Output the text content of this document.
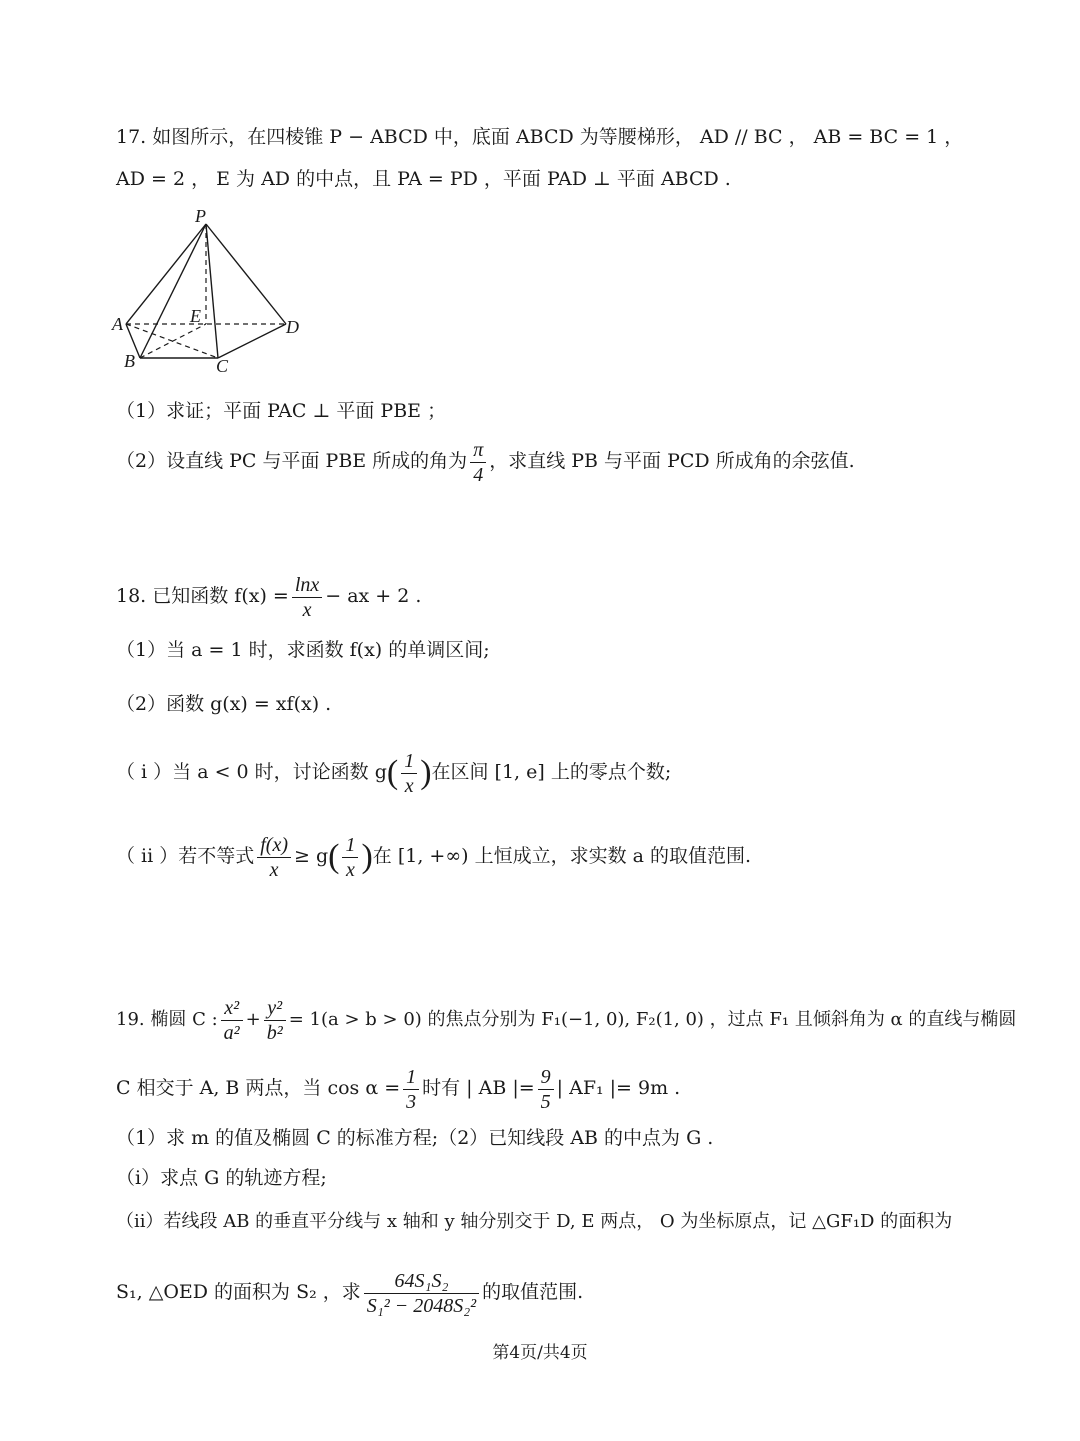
17. 如图所示，在四棱锥 P − ABCD 中，底面 ABCD 为等腰梯形， AD // BC ， AB = BC = 1 ，
AD = 2 ， E 为 AD 的中点，且 PA = PD ，平面 PAD ⊥ 平面 ABCD .
P
A	E
D
B	C
（1）求证；平面 PAC ⊥ 平面 PBE ；
（2）设直线 PC 与平面 PBE 所成的角为 $\frac{\pi}{4}$ ，求直线 PB 与平面 PCD 所成角的余弦值.
18. 已知函数 $f(x) = \frac{\ln x}{x}$ − ax + 2 .
（1）当 a = 1 时，求函数 f(x) 的单调区间;
（2）函数 g(x) = xf(x) .
（ i ）当 a < 0 时，讨论函数 $g( \frac{1}{x}$ )在区间 [1, e] 上的零点个数;
（ ii ）若不等式 $\frac{f(x)}{x} \ge g( \frac{1}{x}$ )在 [1, +∞) 上恒成立，求实数 a 的取值范围.
19. 椭圆 C : $\frac{\text{x²}}{\text{a²}} + \frac{\text{y²}}{\text{b²}} = 1(a > b > 0)$ 的焦点分别为 F₁(−1, 0), F₂(1, 0) ，过点 F₁ 且倾斜角为 α 的直线与椭圆
C 相交于 A, B 两点，当 $\cos \alpha = \frac{1}{3}$ 时有 | AB |= $\frac{9}{5}$ | AF₁ |= 9m .
（1）求 m 的值及椭圆 C 的标准方程;（2）已知线段 AB 的中点为 G .
（i）求点 G 的轨迹方程;
（ii）若线段 AB 的垂直平分线与 x 轴和 y 轴分别交于 D, E 两点， O 为坐标原点，记 △GF₁D 的面积为
S₁, △OED 的面积为 S₂ ，求 $\frac{\text{64S₁S₂}}{\text{S₁² − 2048S₂²}}$ 的取值范围.
第4页/共4页
